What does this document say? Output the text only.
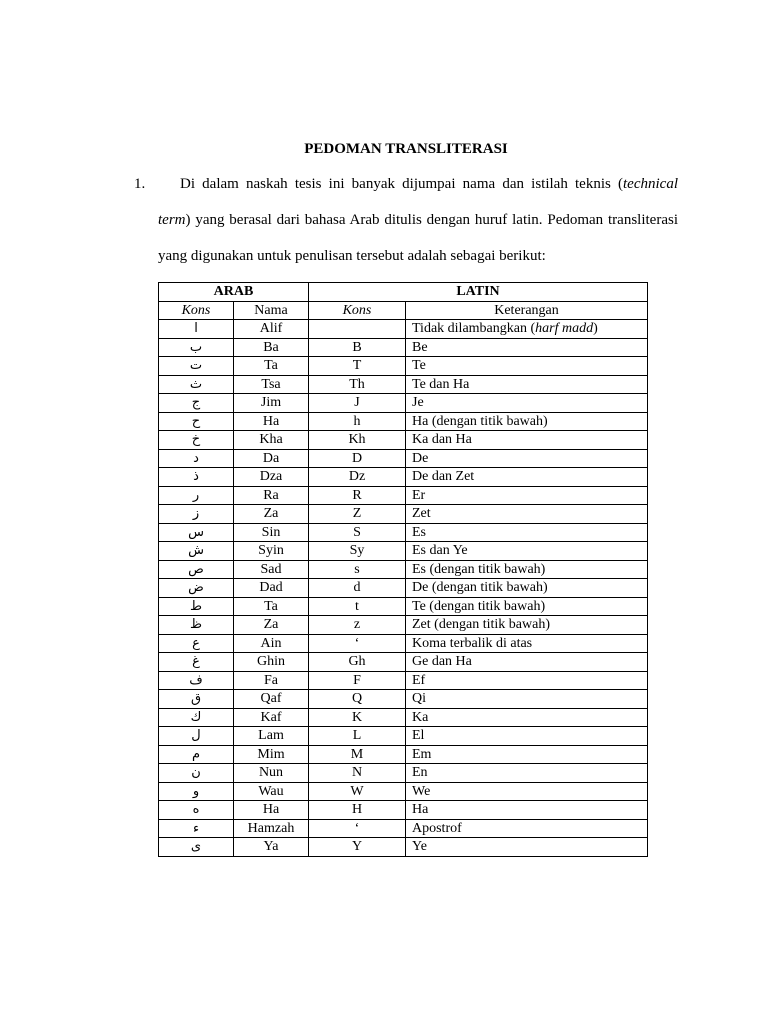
PEDOMAN TRANSLITERASI
1. Di dalam naskah tesis ini banyak dijumpai nama dan istilah teknis (technical
term) yang berasal dari bahasa Arab ditulis dengan huruf latin. Pedoman transliterasi
yang digunakan untuk penulisan tersebut adalah sebagai berikut:
ARAB		LATIN	
Kons	Nama	Kons	Keterangan
ا	Alif		Tidak dilambangkan (harf madd)
ب	Ba	B	Be
ت	Ta	T	Te
ث	Tsa	Th	Te dan Ha
ج	Jim	J	Je
ح	Ha	h	Ha (dengan titik bawah)
خ	Kha	Kh	Ka dan Ha
د	Da	D	De
ذ	Dza	Dz	De dan Zet
ر	Ra	R	Er
ز	Za	Z	Zet
س	Sin	S	Es
ش	Syin	Sy	Es dan Ye
ص	Sad	s	Es (dengan titik bawah)
ض	Dad	d	De (dengan titik bawah)
ط	Ta	t	Te (dengan titik bawah)
ظ	Za	z	Zet (dengan titik bawah)
ع	Ain	‘	Koma terbalik di atas
غ	Ghin	Gh	Ge dan Ha
ف	Fa	F	Ef
ق	Qaf	Q	Qi
ك	Kaf	K	Ka
ل	Lam	L	El
م	Mim	M	Em
ن	Nun	N	En
و	Wau	W	We
ه	Ha	H	Ha
ء	Hamzah	‘	Apostrof
ى	Ya	Y	Ye
